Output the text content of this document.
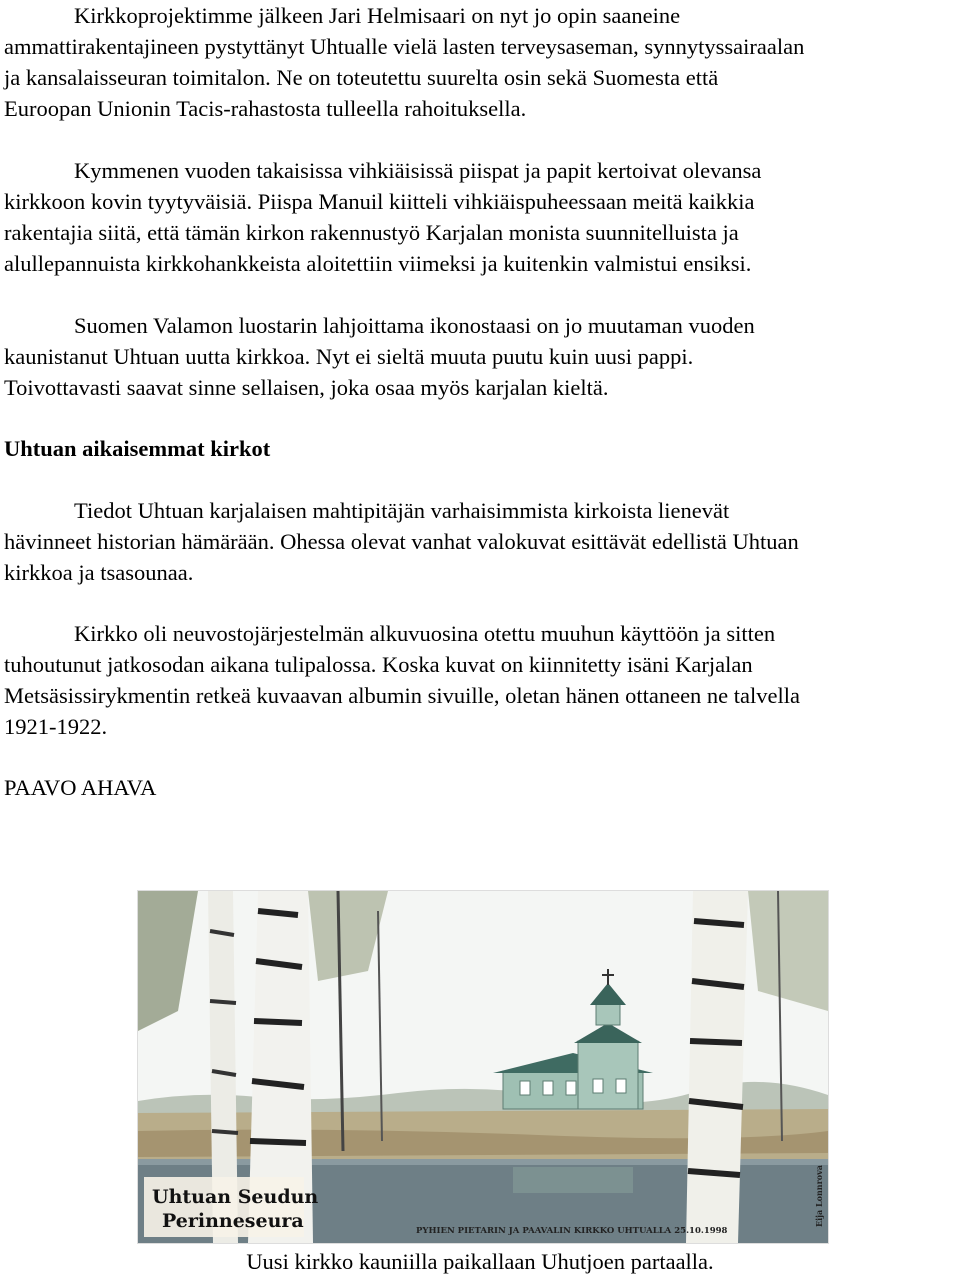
Kirkkoprojektimme jälkeen Jari Helmisaari on nyt jo opin saaneine
ammattirakentajineen pystyttänyt Uhtualle vielä lasten terveysaseman, synnytyssairaalan
ja kansalaisseuran toimitalon. Ne on toteutettu suurelta osin sekä Suomesta että
Euroopan Unionin Tacis-rahastosta tulleella rahoituksella.

Kymmenen vuoden takaisissa vihkiäisissä piispat ja papit kertoivat olevansa
kirkkoon kovin tyytyväisiä. Piispa Manuil kiitteli vihkiäispuheessaan meitä kaikkia
rakentajia siitä, että tämän kirkon rakennustyö Karjalan monista suunnitelluista ja
alullepannuista kirkkohankkeista aloitettiin viimeksi ja kuitenkin valmistui ensiksi.

Suomen Valamon luostarin lahjoittama ikonostaasi on jo muutaman vuoden
kaunistanut Uhtuan uutta kirkkoa. Nyt ei sieltä muuta puutu kuin uusi pappi.
Toivottavasti saavat sinne sellaisen, joka osaa myös karjalan kieltä.

Uhtuan aikaisemmat kirkot

Tiedot Uhtuan karjalaisen mahtipitäjän varhaisimmista kirkoista lienevät
hävinneet historian hämärään. Ohessa olevat vanhat valokuvat esittävät edellistä Uhtuan
kirkkoa ja tsasounaa.

Kirkko oli neuvostojärjestelmän alkuvuosina otettu muuhun käyttöön ja sitten
tuhoutunut jatkosodan aikana tulipalossa. Koska kuvat on kiinnitetty isäni Karjalan
Metsäsissirykmentin retkeä kuvaavan albumin sivuille, oletan hänen ottaneen ne talvella
1921-1922.

PAAVO AHAVA

Uhtuan Seudun
Perinneseura	PYHIEN PIETARIN JA PAAVALIN KIRKKO UHTUALLA 25.10.1998
Eija Lonnrova
Uusi kirkko kauniilla paikallaan Uhutjoen partaalla.
